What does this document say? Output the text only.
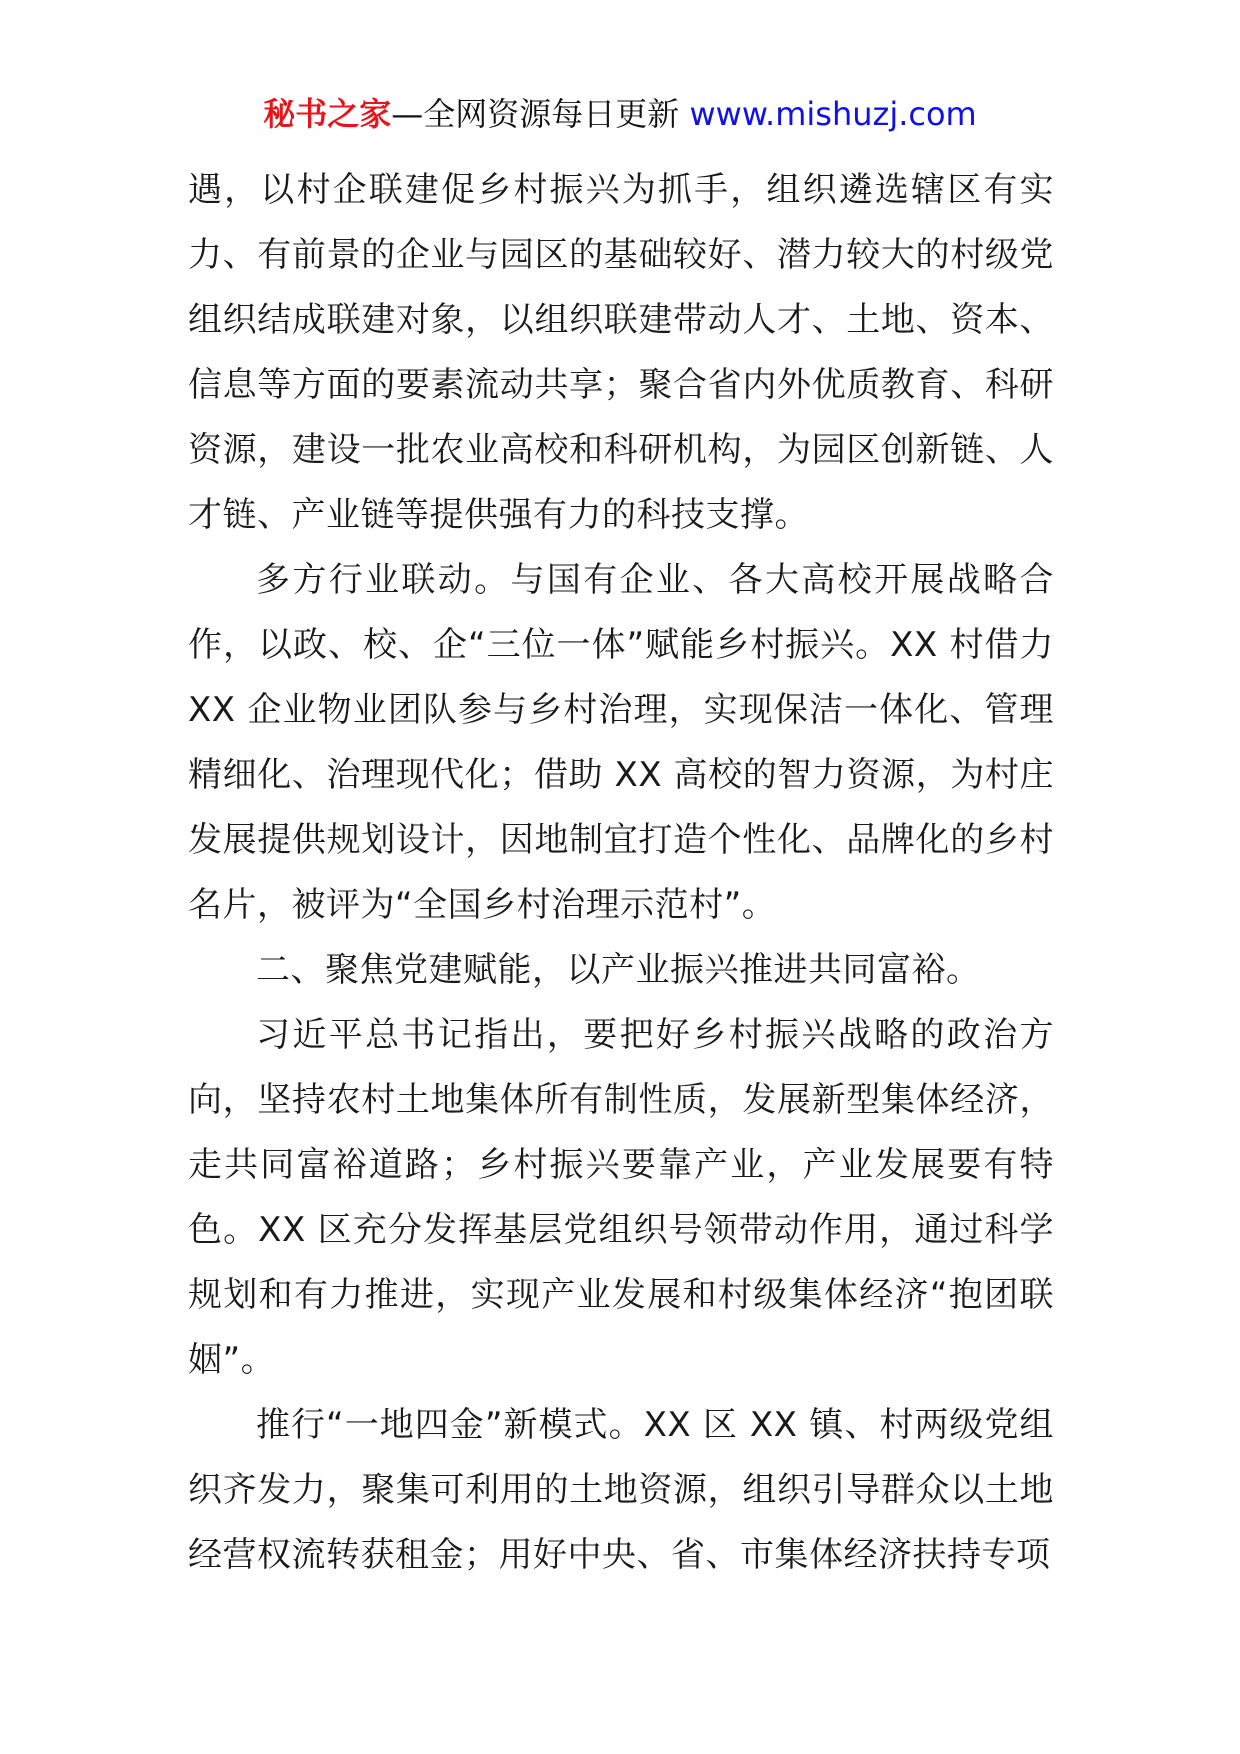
秘书之家—全网资源每日更新 www.mishuzj.com

遇，以村企联建促乡村振兴为抓手，组织遴选辖区有实力、有前景的企业与园区的基础较好、潜力较大的村级党组织结成联建对象，以组织联建带动人才、土地、资本、信息等方面的要素流动共享；聚合省内外优质教育、科研资源，建设一批农业高校和科研机构，为园区创新链、人才链、产业链等提供强有力的科技支撑。

多方行业联动。与国有企业、各大高校开展战略合作，以政、校、企“三位一体”赋能乡村振兴。XX 村借力 XX 企业物业团队参与乡村治理，实现保洁一体化、管理精细化、治理现代化；借助 XX 高校的智力资源，为村庄发展提供规划设计，因地制宜打造个性化、品牌化的乡村名片，被评为“全国乡村治理示范村”。

二、聚焦党建赋能，以产业振兴推进共同富裕。

习近平总书记指出，要把好乡村振兴战略的政治方向，坚持农村土地集体所有制性质，发展新型集体经济，走共同富裕道路；乡村振兴要靠产业，产业发展要有特色。XX 区充分发挥基层党组织号领带动作用，通过科学规划和有力推进，实现产业发展和村级集体经济“抱团联姻”。

推行“一地四金”新模式。XX 区 XX 镇、村两级党组织齐发力，聚集可利用的土地资源，组织引导群众以土地经营权流转获租金；用好中央、省、市集体经济扶持专项
